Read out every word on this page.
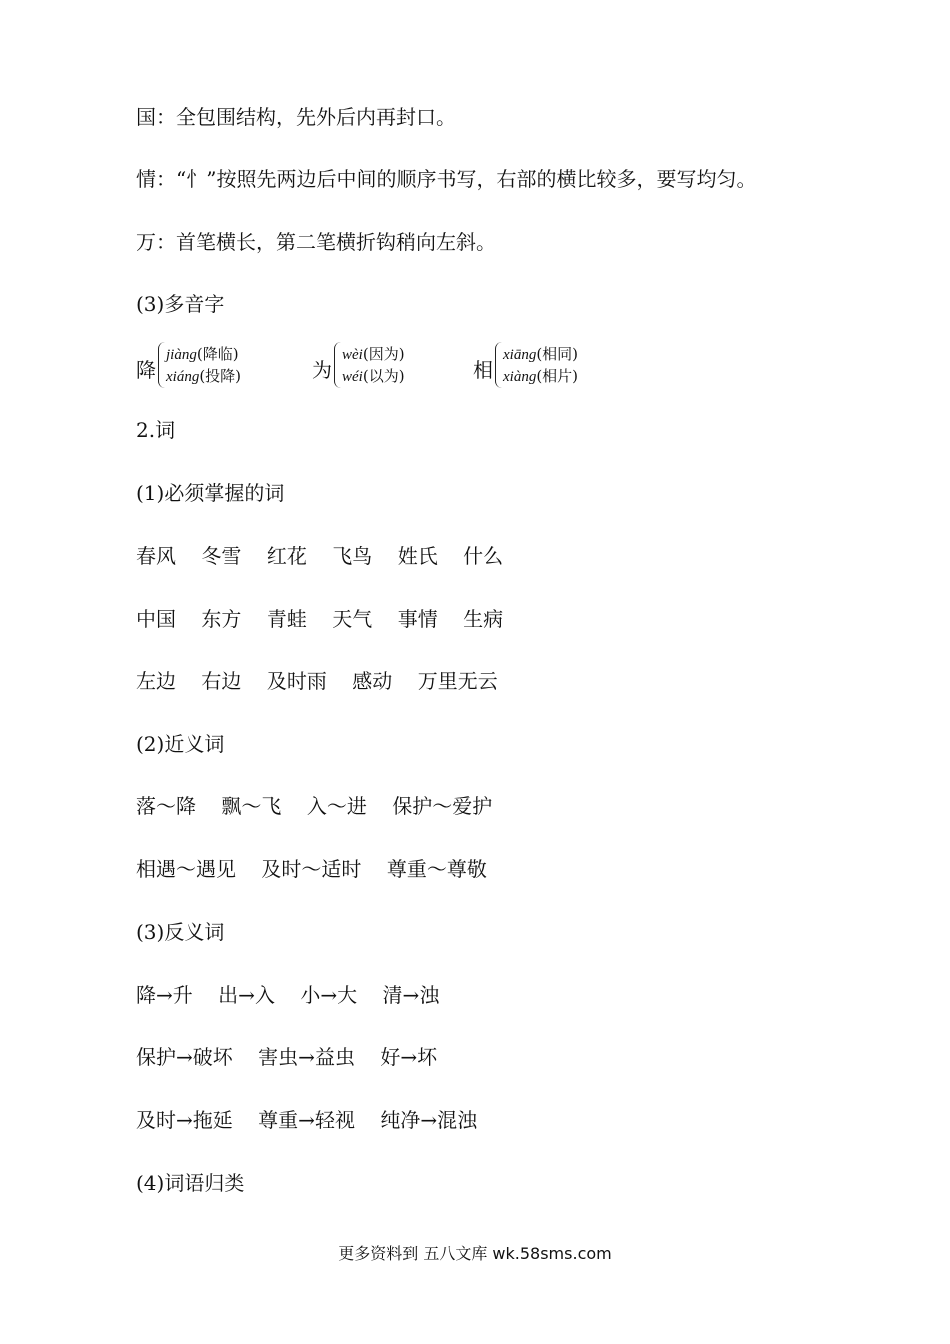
国：全包围结构，先外后内再封口。
情：“忄”按照先两边后中间的顺序书写，右部的横比较多，要写均匀。
万：首笔横长，第二笔横折钩稍向左斜。
(3)多音字
降
jiàng(降临)
xiáng(投降)	为
wèi(因为)
wéi(以为)	相
xiāng(相同)
xiàng(相片)
2.词
(1)必须掌握的词
春风    冬雪    红花    飞鸟    姓氏    什么
中国    东方    青蛙    天气    事情    生病
左边    右边    及时雨    感动    万里无云
(2)近义词
落～降    飘～飞    入～进    保护～爱护
相遇～遇见    及时～适时    尊重～尊敬
(3)反义词
降→升    出→入    小→大    清→浊
保护→破坏    害虫→益虫    好→坏
及时→拖延    尊重→轻视    纯净→混浊
(4)词语归类
更多资料到 五八文库 wk.58sms.com
